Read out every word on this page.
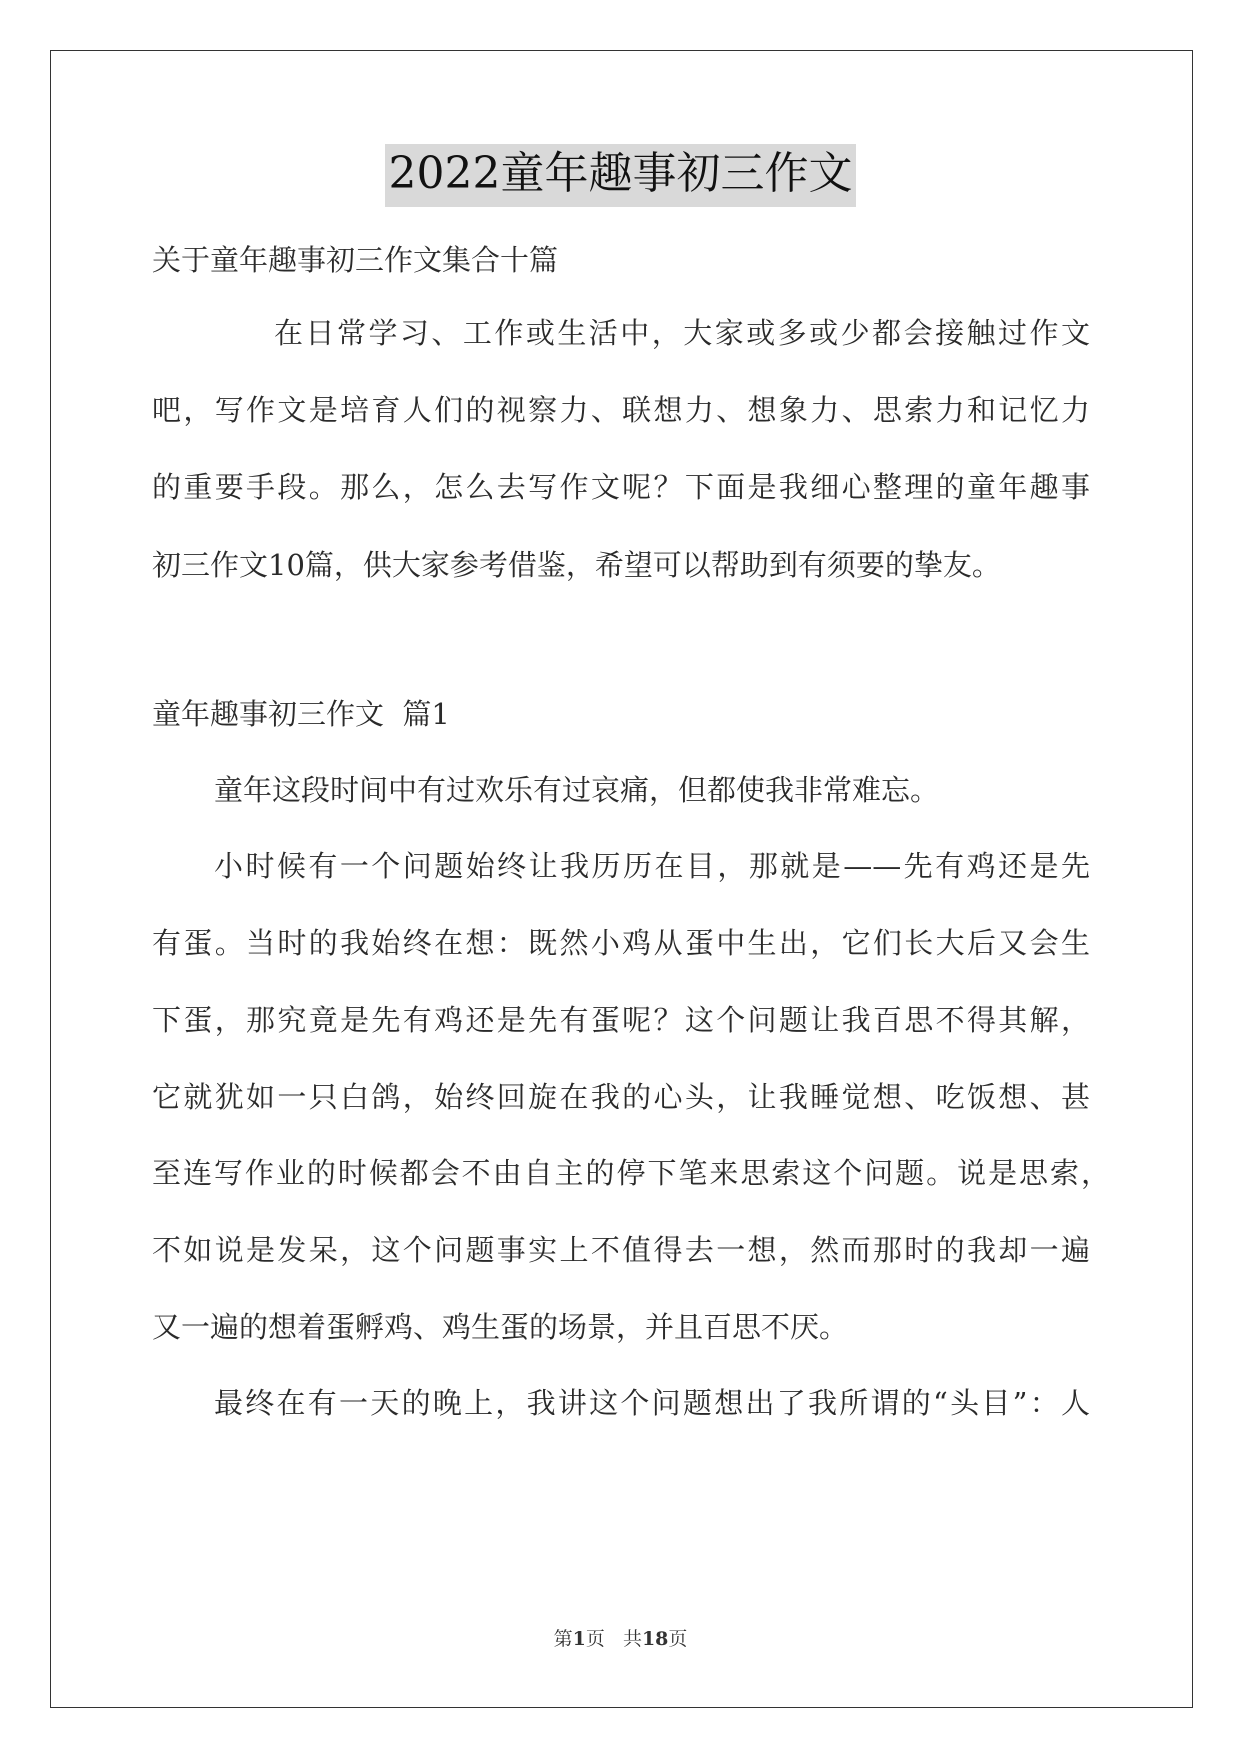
2022童年趣事初三作文

关于童年趣事初三作文集合十篇

在日常学习、工作或生活中，大家或多或少都会接触过作文

吧，写作文是培育人们的视察力、联想力、想象力、思索力和记忆力

的重要手段。那么，怎么去写作文呢？下面是我细心整理的童年趣事

初三作文10篇，供大家参考借鉴，希望可以帮助到有须要的挚友。

童年趣事初三作文  篇1

童年这段时间中有过欢乐有过哀痛，但都使我非常难忘。

小时候有一个问题始终让我历历在目，那就是——先有鸡还是先

有蛋。当时的我始终在想：既然小鸡从蛋中生出，它们长大后又会生

下蛋，那究竟是先有鸡还是先有蛋呢？这个问题让我百思不得其解，

它就犹如一只白鸽，始终回旋在我的心头，让我睡觉想、吃饭想、甚

至连写作业的时候都会不由自主的停下笔来思索这个问题。说是思索，

不如说是发呆，这个问题事实上不值得去一想，然而那时的我却一遍

又一遍的想着蛋孵鸡、鸡生蛋的场景，并且百思不厌。

最终在有一天的晚上，我讲这个问题想出了我所谓的“头目”：人

第1页   共18页
